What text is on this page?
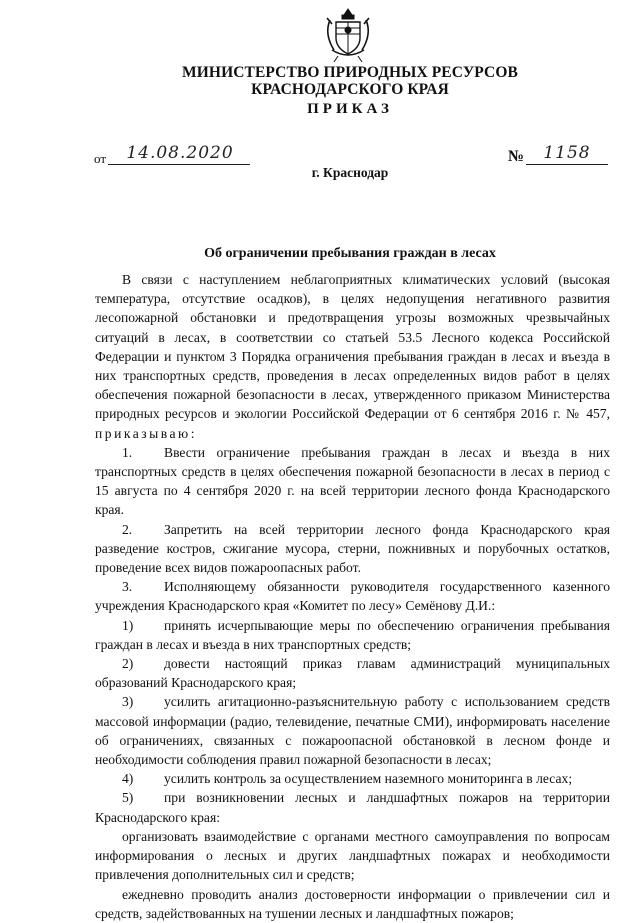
МИНИСТЕРСТВО ПРИРОДНЫХ РЕСУРСОВ
КРАСНОДАРСКОГО КРАЯ
ПРИКАЗ
от	14.08.2020	№	1158
г. Краснодар
Об ограничении пребывания граждан в лесах

В связи с наступлением неблагоприятных климатических условий (высокая температура, отсутствие осадков), в целях недопущения негативного развития лесопожарной обстановки и предотвращения угрозы возможных чрезвычайных ситуаций в лесах, в соответствии со статьей 53.5 Лесного кодекса Российской Федерации и пунктом 3 Порядка ограничения пребывания граждан в лесах и въезда в них транспортных средств, проведения в лесах определенных видов работ в целях обеспечения пожарной безопасности в лесах, утвержденного приказом Министерства природных ресурсов и экологии Российской Федерации от 6 сентября 2016 г. № 457, приказываю:

1. Ввести ограничение пребывания граждан в лесах и въезда в них транспортных средств в целях обеспечения пожарной безопасности в лесах в период с 15 августа по 4 сентября 2020 г. на всей территории лесного фонда Краснодарского края.

2. Запретить на всей территории лесного фонда Краснодарского края разведение костров, сжигание мусора, стерни, пожнивных и порубочных остатков, проведение всех видов пожароопасных работ.

3. Исполняющему обязанности руководителя государственного казенного учреждения Краснодарского края «Комитет по лесу» Семёнову Д.И.:

1) принять исчерпывающие меры по обеспечению ограничения пребывания граждан в лесах и въезда в них транспортных средств;

2) довести настоящий приказ главам администраций муниципальных образований Краснодарского края;

3) усилить агитационно-разъяснительную работу с использованием средств массовой информации (радио, телевидение, печатные СМИ), информировать население об ограничениях, связанных с пожароопасной обстановкой в лесном фонде и необходимости соблюдения правил пожарной безопасности в лесах;

4) усилить контроль за осуществлением наземного мониторинга в лесах;

5) при возникновении лесных и ландшафтных пожаров на территории Краснодарского края:

организовать взаимодействие с органами местного самоуправления по вопросам информирования о лесных и других ландшафтных пожарах и необходимости привлечения дополнительных сил и средств;

ежедневно проводить анализ достоверности информации о привлечении сил и средств, задействованных на тушении лесных и ландшафтных пожаров;
